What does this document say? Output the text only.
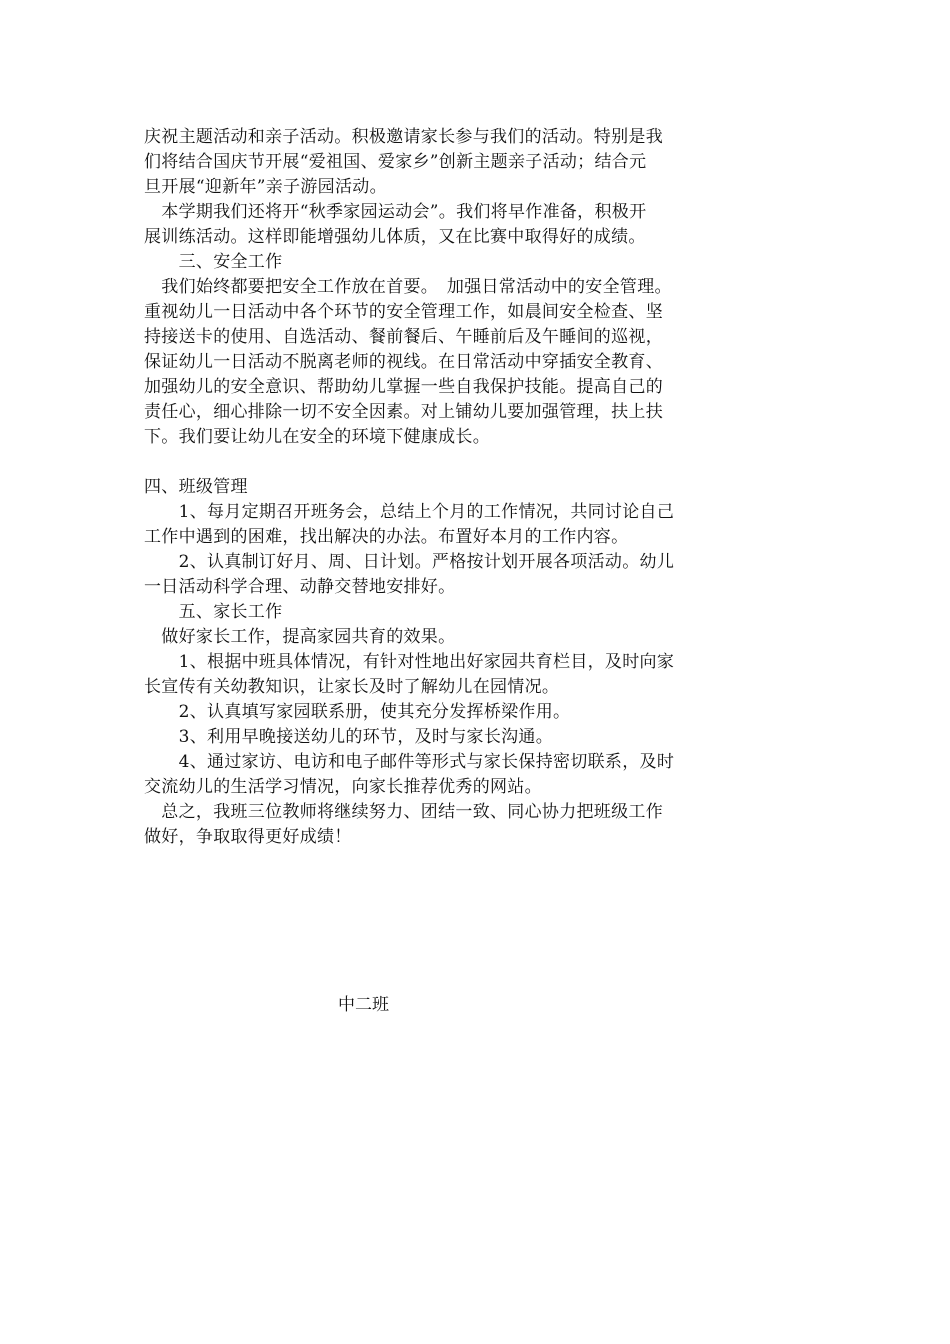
庆祝主题活动和亲子活动。积极邀请家长参与我们的活动。特别是我
们将结合国庆节开展“爱祖国、爱家乡”创新主题亲子活动；结合元
旦开展“迎新年”亲子游园活动。
　本学期我们还将开“秋季家园运动会”。我们将早作准备，积极开
展训练活动。这样即能增强幼儿体质，又在比赛中取得好的成绩。
　　三、安全工作
　我们始终都要把安全工作放在首要。　加强日常活动中的安全管理。
重视幼儿一日活动中各个环节的安全管理工作，如晨间安全检查、坚
持接送卡的使用、自选活动、餐前餐后、午睡前后及午睡间的巡视，
保证幼儿一日活动不脱离老师的视线。在日常活动中穿插安全教育、
加强幼儿的安全意识、帮助幼儿掌握一些自我保护技能。提高自己的
责任心，细心排除一切不安全因素。对上铺幼儿要加强管理，扶上扶
下。我们要让幼儿在安全的环境下健康成长。
四、班级管理
　　1、每月定期召开班务会，总结上个月的工作情况，共同讨论自己
工作中遇到的困难，找出解决的办法。布置好本月的工作内容。
　　2、认真制订好月、周、日计划。严格按计划开展各项活动。幼儿
一日活动科学合理、动静交替地安排好。
　　五、家长工作
　做好家长工作，提高家园共育的效果。
　　1、根据中班具体情况，有针对性地出好家园共育栏目，及时向家
长宣传有关幼教知识，让家长及时了解幼儿在园情况。
　　2、认真填写家园联系册，使其充分发挥桥梁作用。
　　3、利用早晚接送幼儿的环节，及时与家长沟通。
　　4、通过家访、电访和电子邮件等形式与家长保持密切联系，及时
交流幼儿的生活学习情况，向家长推荐优秀的网站。
　总之，我班三位教师将继续努力、团结一致、同心协力把班级工作
做好，争取取得更好成绩！
中二班
